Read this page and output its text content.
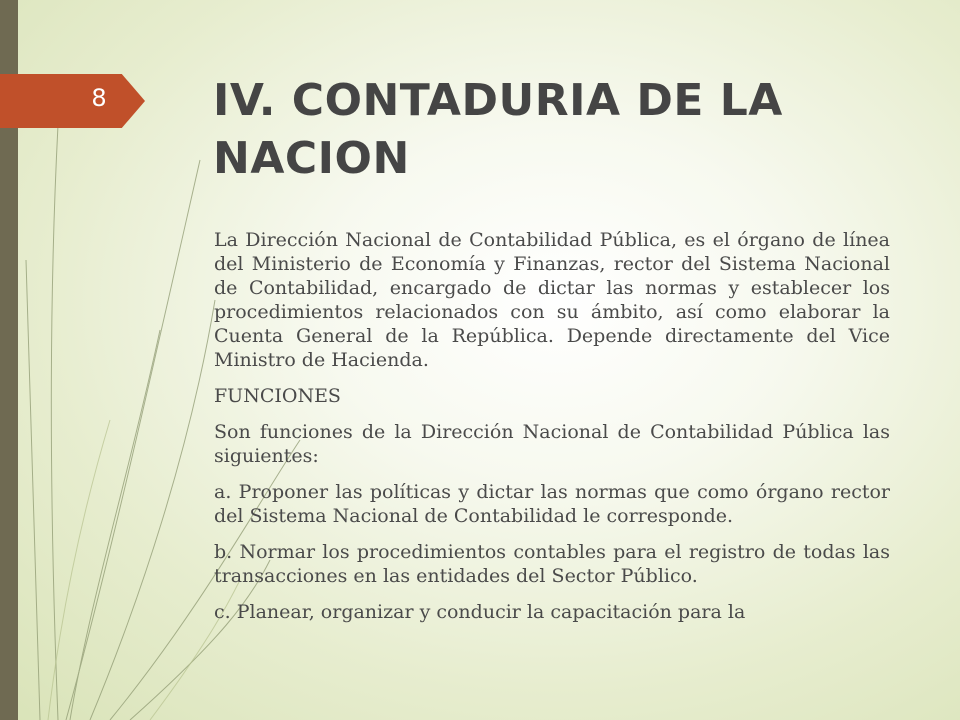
8 IV. CONTADURIA DE LA NACION

La Dirección Nacional de Contabilidad Pública, es el órgano de línea del Ministerio de Economía y Finanzas, rector del Sistema Nacional de Contabilidad, encargado de dictar las normas y establecer los procedimientos relacionados con su ámbito, así como elaborar la Cuenta General de la República. Depende directamente del Vice Ministro de Hacienda.

FUNCIONES

Son funciones de la Dirección Nacional de Contabilidad Pública las siguientes:

a. Proponer las políticas y dictar las normas que como órgano rector del Sistema Nacional de Contabilidad le corresponde.

b. Normar los procedimientos contables para el registro de todas las transacciones en las entidades del Sector Público.

c. Planear, organizar y conducir la capacitación para la
